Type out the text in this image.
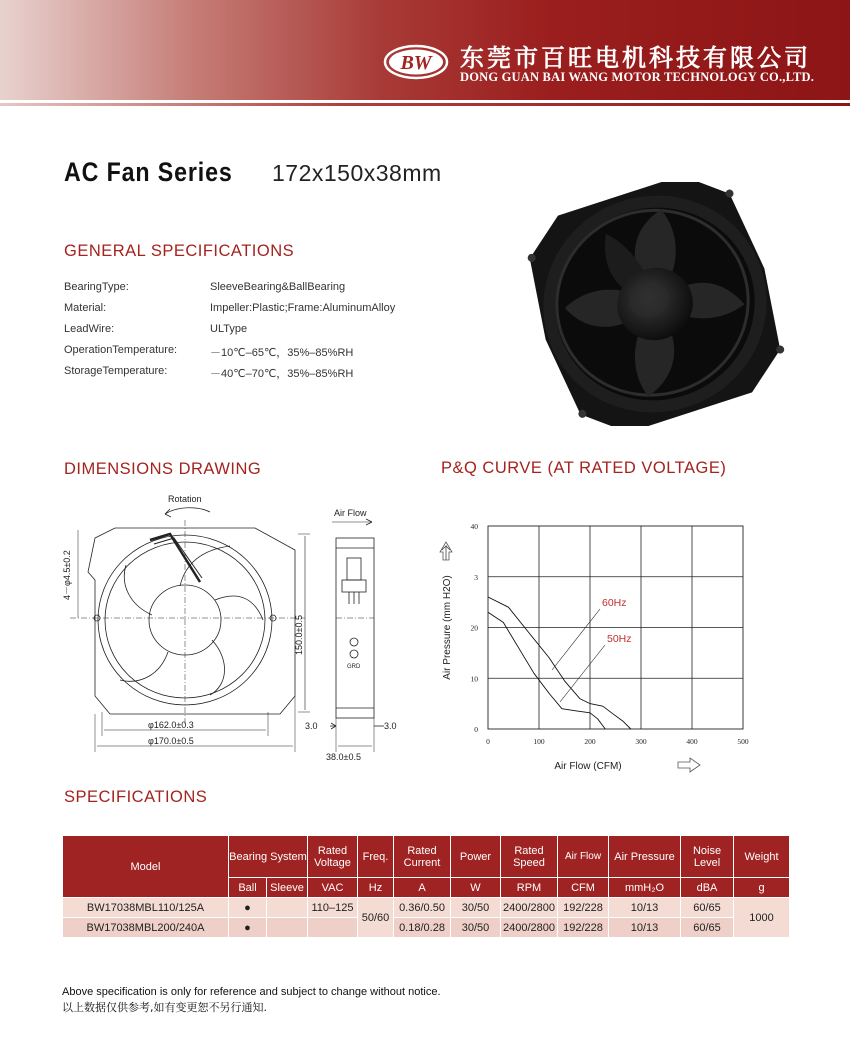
BW 东莞市百旺电机科技有限公司
DONG GUAN BAI WANG MOTOR TECHNOLOGY CO.,LTD.
AC Fan Series 172x150x38mm
GENERAL SPECIFICATIONS
BearingType:	SleeveBearing&BallBearing
Material:	Impeller:Plastic;Frame:AluminumAlloy
LeadWire:	ULType
OperationTemperature:	－10℃–65℃，35%–85%RH
StorageTemperature:	－40℃–70℃，35%–85%RH
DIMENSIONS DRAWING
Rotation
Air Flow
4－φ4.5±0.2
150.0±0.5
φ162.0±0.3
φ170.0±0.5
3.0	3.0
38.0±0.5
GRD
P&Q CURVE (AT RATED VOLTAGE)
0	100	200	300	400	500
0
10
20
3
40
60Hz
50Hz
Air Pressure (mm H2O)
Air Flow (CFM)
SPECIFICATIONS
Model	Bearing System		Rated Voltage	Freq.	Rated Current	Power	Rated Speed	Air Flow	Air Pressure	Noise Level	Weight
	Ball	Sleeve	VAC	Hz	A	W	RPM	CFM	mmH₂O	dBA	g
BW17038MBL110/125A	●		110–125	50/60	0.36/0.50	30/50	2400/2800	192/228	10/13	60/65	1000
BW17038MBL200/240A	●				0.18/0.28	30/50	2400/2800	192/228	10/13	60/65	
Above specification is only for reference and subject to change without notice.
以上数据仅供参考,如有变更恕不另行通知.
